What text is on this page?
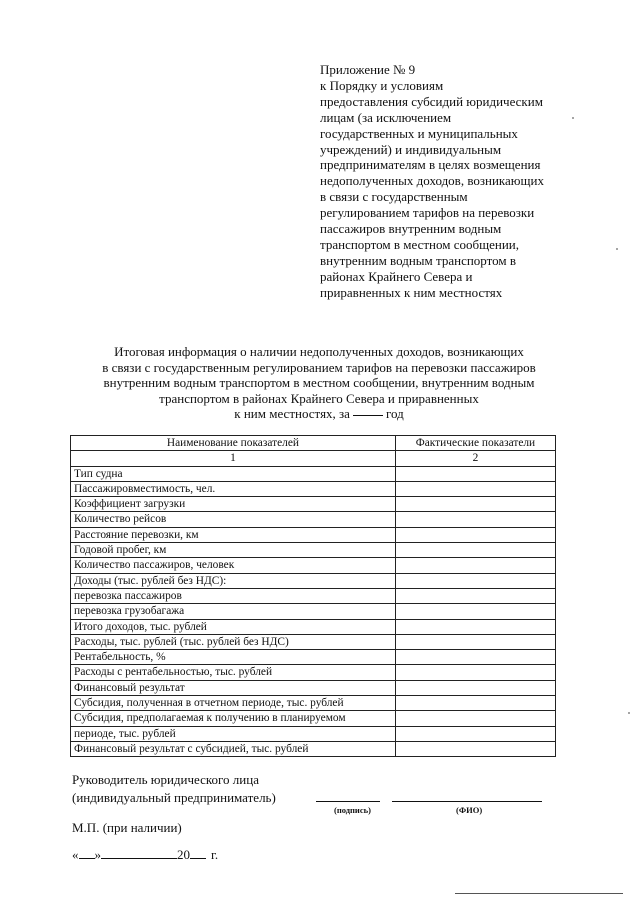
Приложение № 9
к Порядку и условиям
предоставления субсидий юридическим
лицам (за исключением
государственных и муниципальных
учреждений) и индивидуальным
предпринимателям в целях возмещения
недополученных доходов, возникающих
в связи с государственным
регулированием тарифов на перевозки
пассажиров внутренним водным
транспортом в местном сообщении,
внутренним водным транспортом в
районах Крайнего Севера и
приравненных к ним местностях
Итоговая информация о наличии недополученных доходов, возникающих
в связи с государственным регулированием тарифов на перевозки пассажиров
внутренним водным транспортом в местном сообщении, внутренним водным
транспортом в районах Крайнего Севера и приравненных
к ним местностях, за	год
Наименование показателей	Фактические показатели
1	2
Тип судна	
Пассажировместимость, чел.	
Коэффициент загрузки	
Количество рейсов	
Расстояние перевозки, км	
Годовой пробег, км	
Количество пассажиров, человек	
Доходы (тыс. рублей без НДС):	
перевозка пассажиров	
перевозка грузобагажа	
Итого доходов, тыс. рублей	
Расходы, тыс. рублей (тыс. рублей без НДС)	
Рентабельность, %	
Расходы с рентабельностью, тыс. рублей	
Финансовый результат	
Субсидия, полученная в отчетном периоде, тыс. рублей	
Субсидия, предполагаемая к получению в планируемом	
периоде, тыс. рублей	
Финансовый результат с субсидией, тыс. рублей	
Руководитель юридического лица
(индивидуальный предприниматель)
(подпись)	(ФИО)
М.П. (при наличии)
« »	20 г.
